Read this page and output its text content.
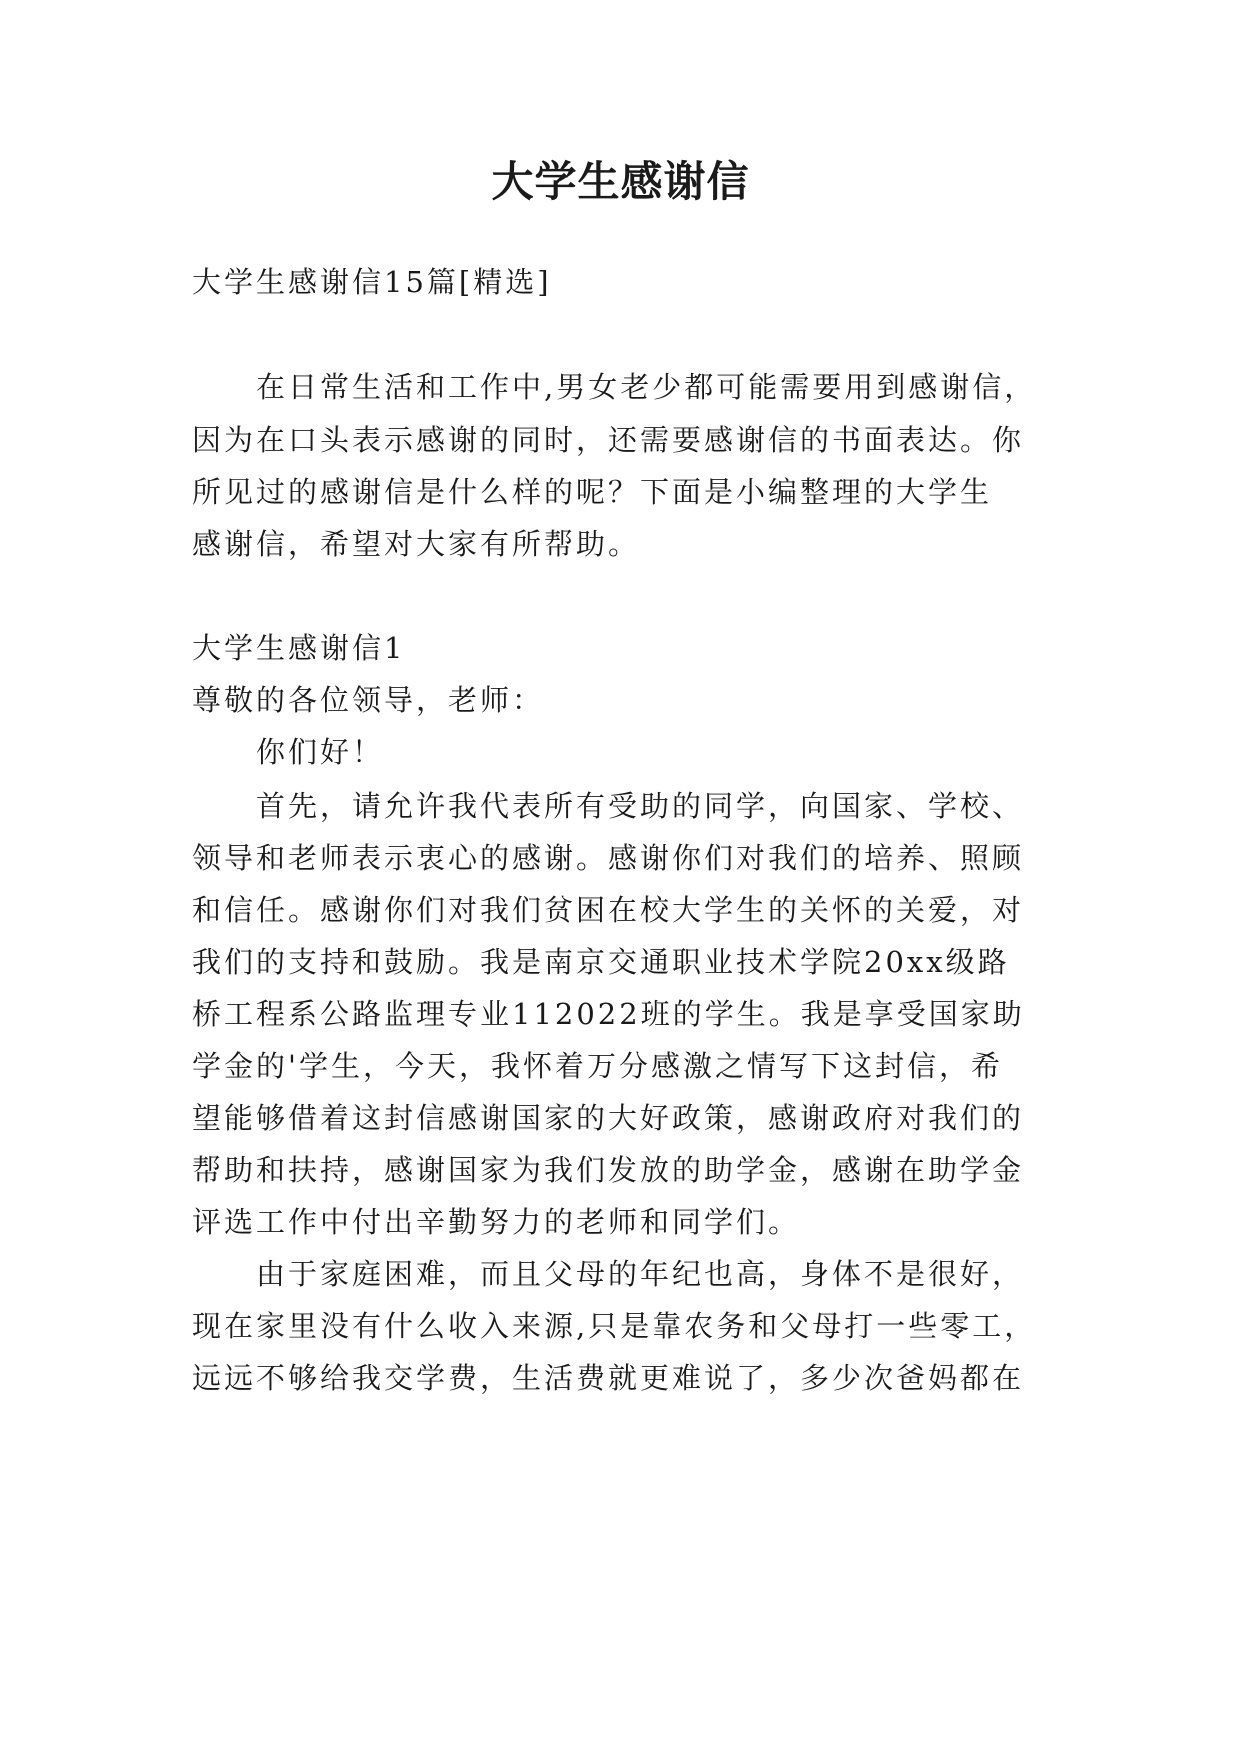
大学生感谢信
大学生感谢信15篇[精选]
在日常生活和工作中,男女老少都可能需要用到感谢信，
因为在口头表示感谢的同时，还需要感谢信的书面表达。你
所见过的感谢信是什么样的呢？下面是小编整理的大学生
感谢信，希望对大家有所帮助。
大学生感谢信1
尊敬的各位领导，老师：
你们好！
首先，请允许我代表所有受助的同学，向国家、学校、
领导和老师表示衷心的感谢。感谢你们对我们的培养、照顾
和信任。感谢你们对我们贫困在校大学生的关怀的关爱，对
我们的支持和鼓励。我是南京交通职业技术学院20xx级路
桥工程系公路监理专业112022班的学生。我是享受国家助
学金的'学生，今天，我怀着万分感激之情写下这封信，希
望能够借着这封信感谢国家的大好政策，感谢政府对我们的
帮助和扶持，感谢国家为我们发放的助学金，感谢在助学金
评选工作中付出辛勤努力的老师和同学们。
由于家庭困难，而且父母的年纪也高，身体不是很好，
现在家里没有什么收入来源,只是靠农务和父母打一些零工，
远远不够给我交学费，生活费就更难说了，多少次爸妈都在
